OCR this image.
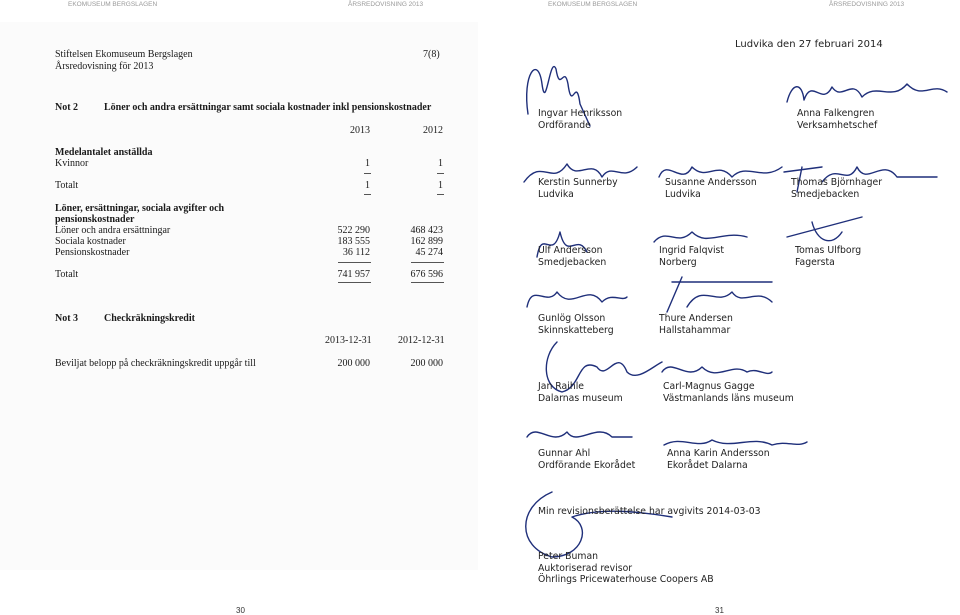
EKOMUSEUM BERGSLAGEN	ÅRSREDOVISNING 2013	EKOMUSEUM BERGSLAGEN	ÅRSREDOVISNING 2013
Stiftelsen Ekomuseum Bergslagen
Årsredovisning för 2013
7(8)
Not 2	Löner och andra ersättningar samt sociala kostnader inkl pensionskostnader
2013	2012
Medelantalet anställda
Kvinnor	1	1
Totalt	1	1
Löner, ersättningar, sociala avgifter och
pensionskostnader
Löner och andra ersättningar	522 290	468 423
Sociala kostnader	183 555	162 899
Pensionskostnader	36 112	45 274
Totalt	741 957	676 596
Not 3	Checkräkningskredit
2013-12-31	2012-12-31
Beviljat belopp på checkräkningskredit uppgår till	200 000	200 000
Ludvika den 27 februari 2014
Ingvar Henriksson
Ordförande
Anna Falkengren
Verksamhetschef
Kerstin Sunnerby
Ludvika
Susanne Andersson
Ludvika
Thomas Björnhager
Smedjebacken
Ulf Andersson
Smedjebacken
Ingrid Falqvist
Norberg
Tomas Ulfborg
Fagersta
Gunlög Olsson
Skinnskatteberg
Thure Andersen
Hallstahammar
Jan Raihle
Dalarnas museum
Carl-Magnus Gagge
Västmanlands läns museum
Gunnar Ahl
Ordförande Ekorådet
Anna Karin Andersson
Ekorådet Dalarna
Min revisionsberättelse har avgivits 2014-03-03
Peter Buman
Auktoriserad revisor
Öhrlings Pricewaterhouse Coopers AB
30	31
